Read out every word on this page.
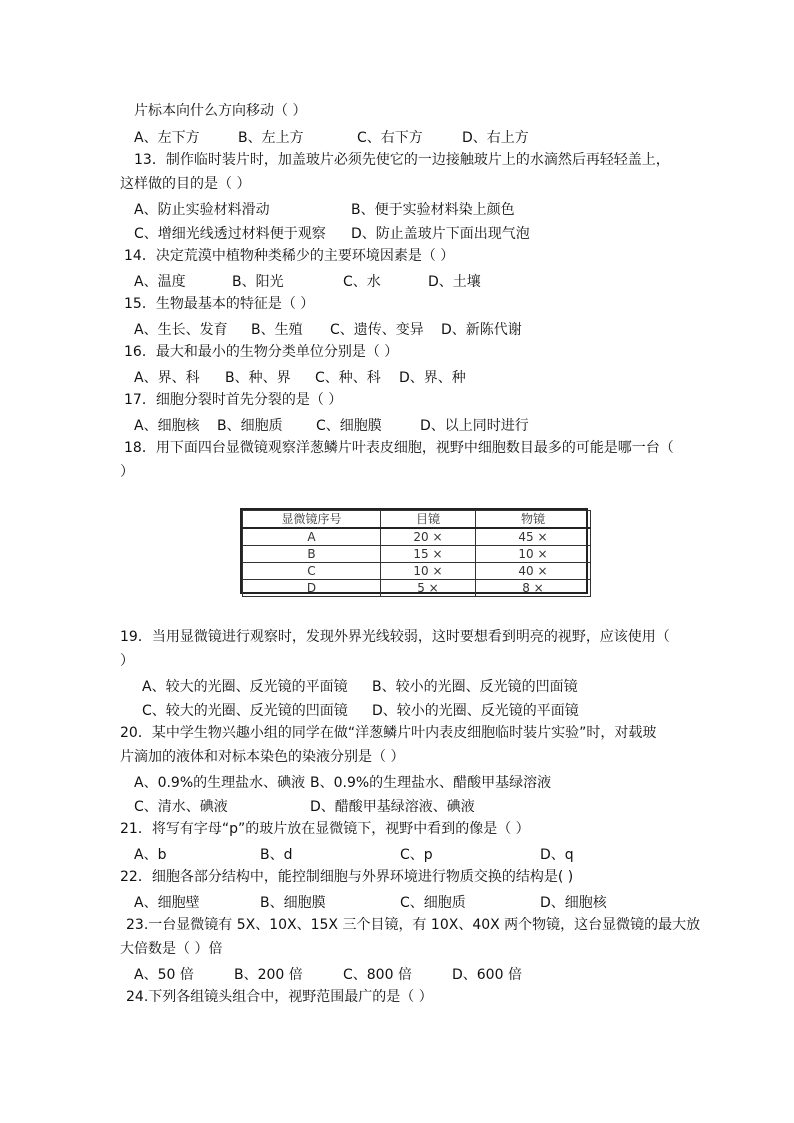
片标本向什么方向移动（ ）
A、左下方	B、左上方	C、右下方	D、右上方
13．制作临时装片时，加盖玻片必须先使它的一边接触玻片上的水滴然后再轻轻盖上，
这样做的目的是（ ）
A、防止实验材料滑动	B、便于实验材料染上颜色
C、增细光线透过材料便于观察 D、防止盖玻片下面出现气泡
14．决定荒漠中植物种类稀少的主要环境因素是（ ）
A、温度	B、阳光	C、水	D、土壤
15．生物最基本的特征是（ ）
A、生长、发育 B、生殖 C、遗传、变异 D、新陈代谢
16．最大和最小的生物分类单位分别是（ ）
A、界、科 B、种、界 C、种、科 D、界、种
17．细胞分裂时首先分裂的是（ ）
A、细胞核 B、细胞质 C、细胞膜	D、以上同时进行
18．用下面四台显微镜观察洋葱鳞片叶表皮细胞，视野中细胞数目最多的可能是哪一台（
）
显微镜序号	目镜	物镜
A	20 ×	45 ×
B	15 ×	10 ×
C	10 ×	40 ×
D	5 ×	8 ×
19．当用显微镜进行观察时，发现外界光线较弱，这时要想看到明亮的视野，应该使用（
）
A、较大的光圈、反光镜的平面镜 B、较小的光圈、反光镜的凹面镜
C、较大的光圈、反光镜的凹面镜 D、较小的光圈、反光镜的平面镜
20．某中学生物兴趣小组的同学在做“洋葱鳞片叶内表皮细胞临时装片实验”时，对载玻
片滴加的液体和对标本染色的染液分别是（ ）
A、0.9%的生理盐水、碘液 B、0.9%的生理盐水、醋酸甲基绿溶液
C、清水、碘液	D、醋酸甲基绿溶液、碘液
21．将写有字母“p”的玻片放在显微镜下，视野中看到的像是（ ）
A、b	B、d	C、p	D、q
22．细胞各部分结构中，能控制细胞与外界环境进行物质交换的结构是( )
A、细胞壁	B、细胞膜	C、细胞质	D、细胞核
23.一台显微镜有 5X、10X、15X 三个目镜，有 10X、40X 两个物镜，这台显微镜的最大放
大倍数是（ ）倍
A、50 倍	B、200 倍	C、800 倍	D、600 倍
24.下列各组镜头组合中，视野范围最广的是（ ）
